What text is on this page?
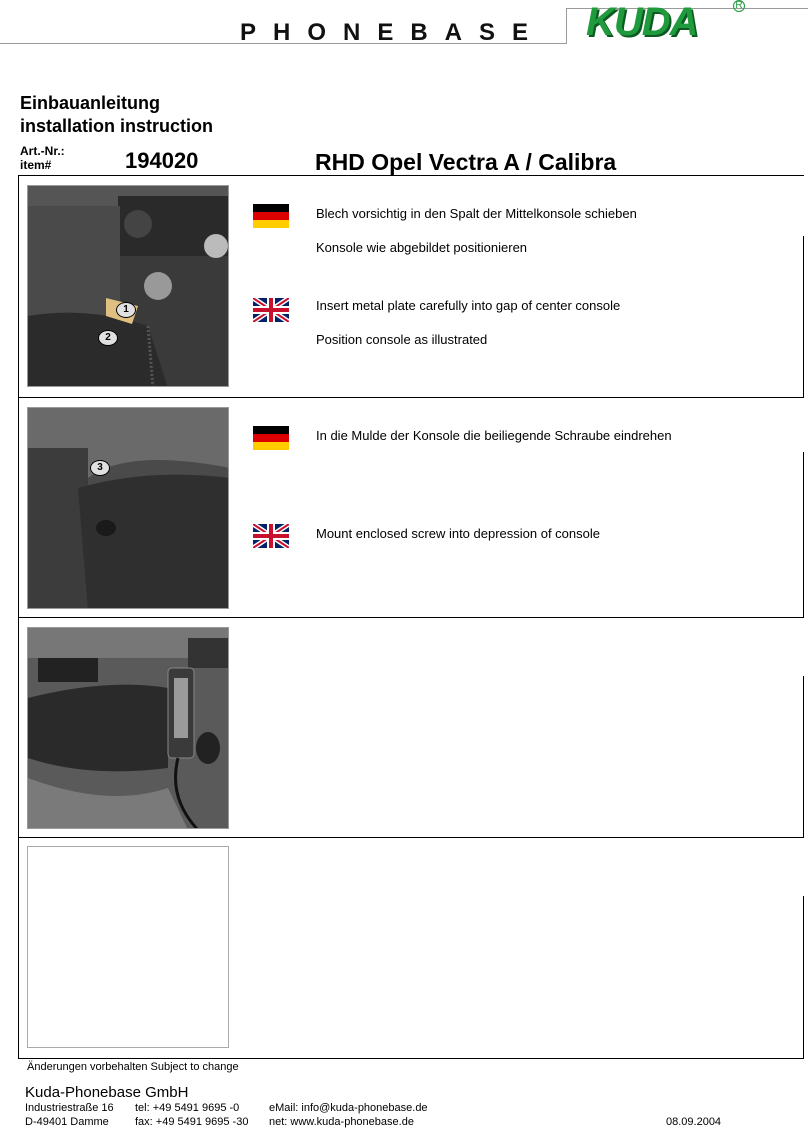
PHONEBASE KUDA	R
Einbauanleitung
installation instruction
Art.-Nr.:
item#	194020	RHD Opel Vectra A / Calibra
1
2
Blech vorsichtig in den Spalt der Mittelkonsole schieben
Konsole wie abgebildet positionieren
Insert metal plate carefully into gap of center console
Position console as illustrated
3
In die Mulde der Konsole die beiliegende Schraube eindrehen
Mount enclosed screw into depression of console
Änderungen vorbehalten Subject to change
Kuda-Phonebase GmbH
Industriestraße 16
D-49401 Damme
tel: +49 5491 9695 -0
fax: +49 5491 9695 -30
eMail: info@kuda-phonebase.de
net: www.kuda-phonebase.de	08.09.2004
